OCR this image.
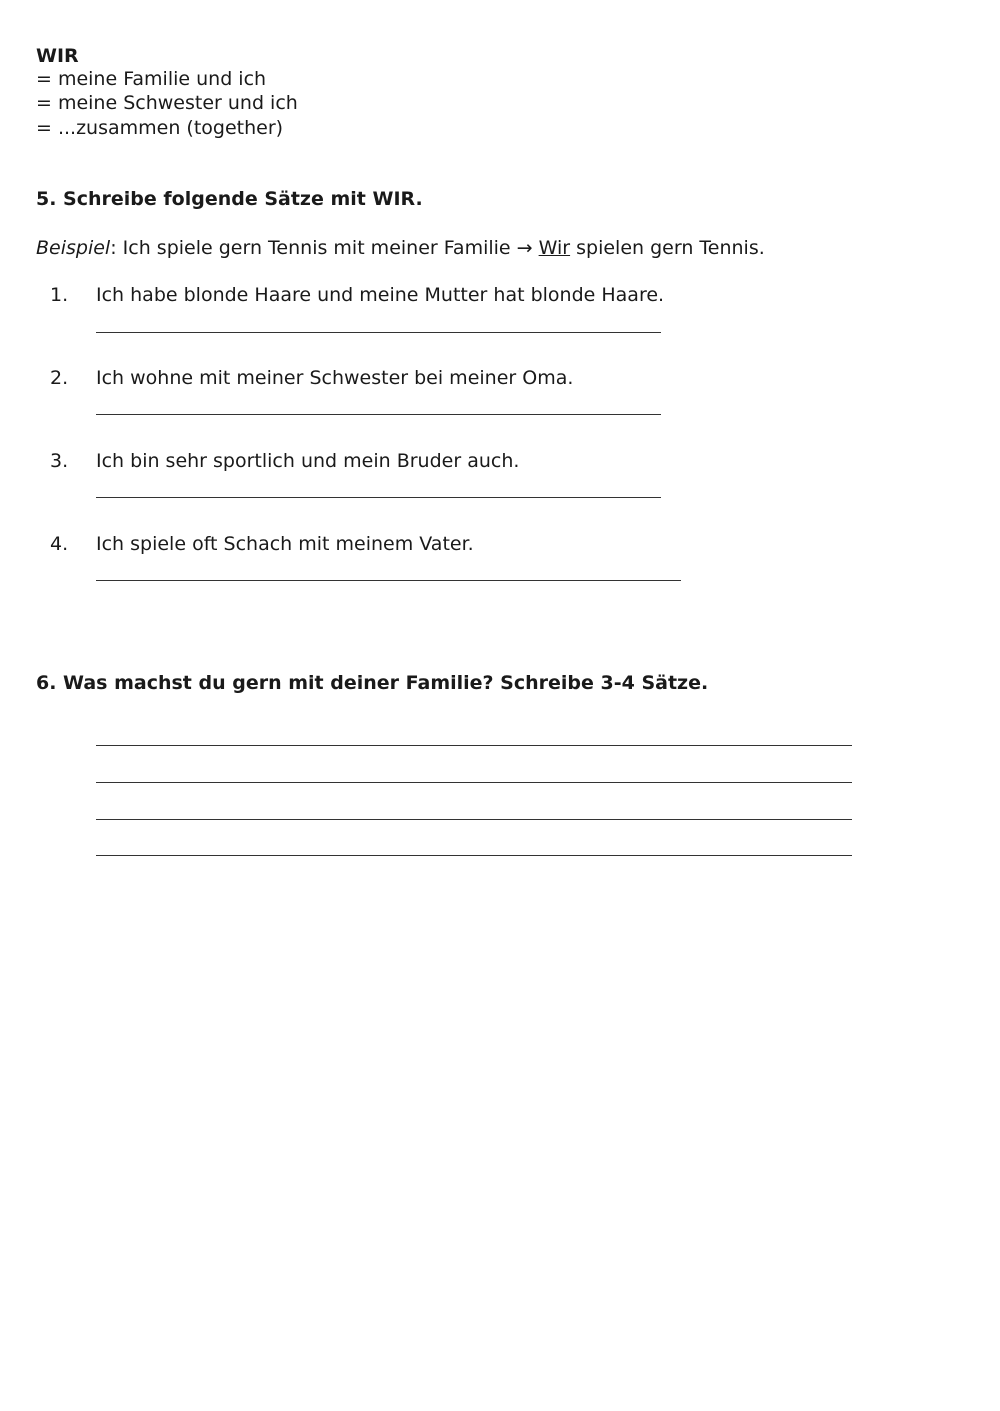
WIR
= meine Familie und ich
= meine Schwester und ich
= ...zusammen (together)
5. Schreibe folgende Sätze mit WIR.
Beispiel: Ich spiele gern Tennis mit meiner Familie → Wir spielen gern Tennis.
1. Ich habe blonde Haare und meine Mutter hat blonde Haare.
2. Ich wohne mit meiner Schwester bei meiner Oma.
3. Ich bin sehr sportlich und mein Bruder auch.
4. Ich spiele oft Schach mit meinem Vater.
6. Was machst du gern mit deiner Familie? Schreibe 3-4 Sätze.
